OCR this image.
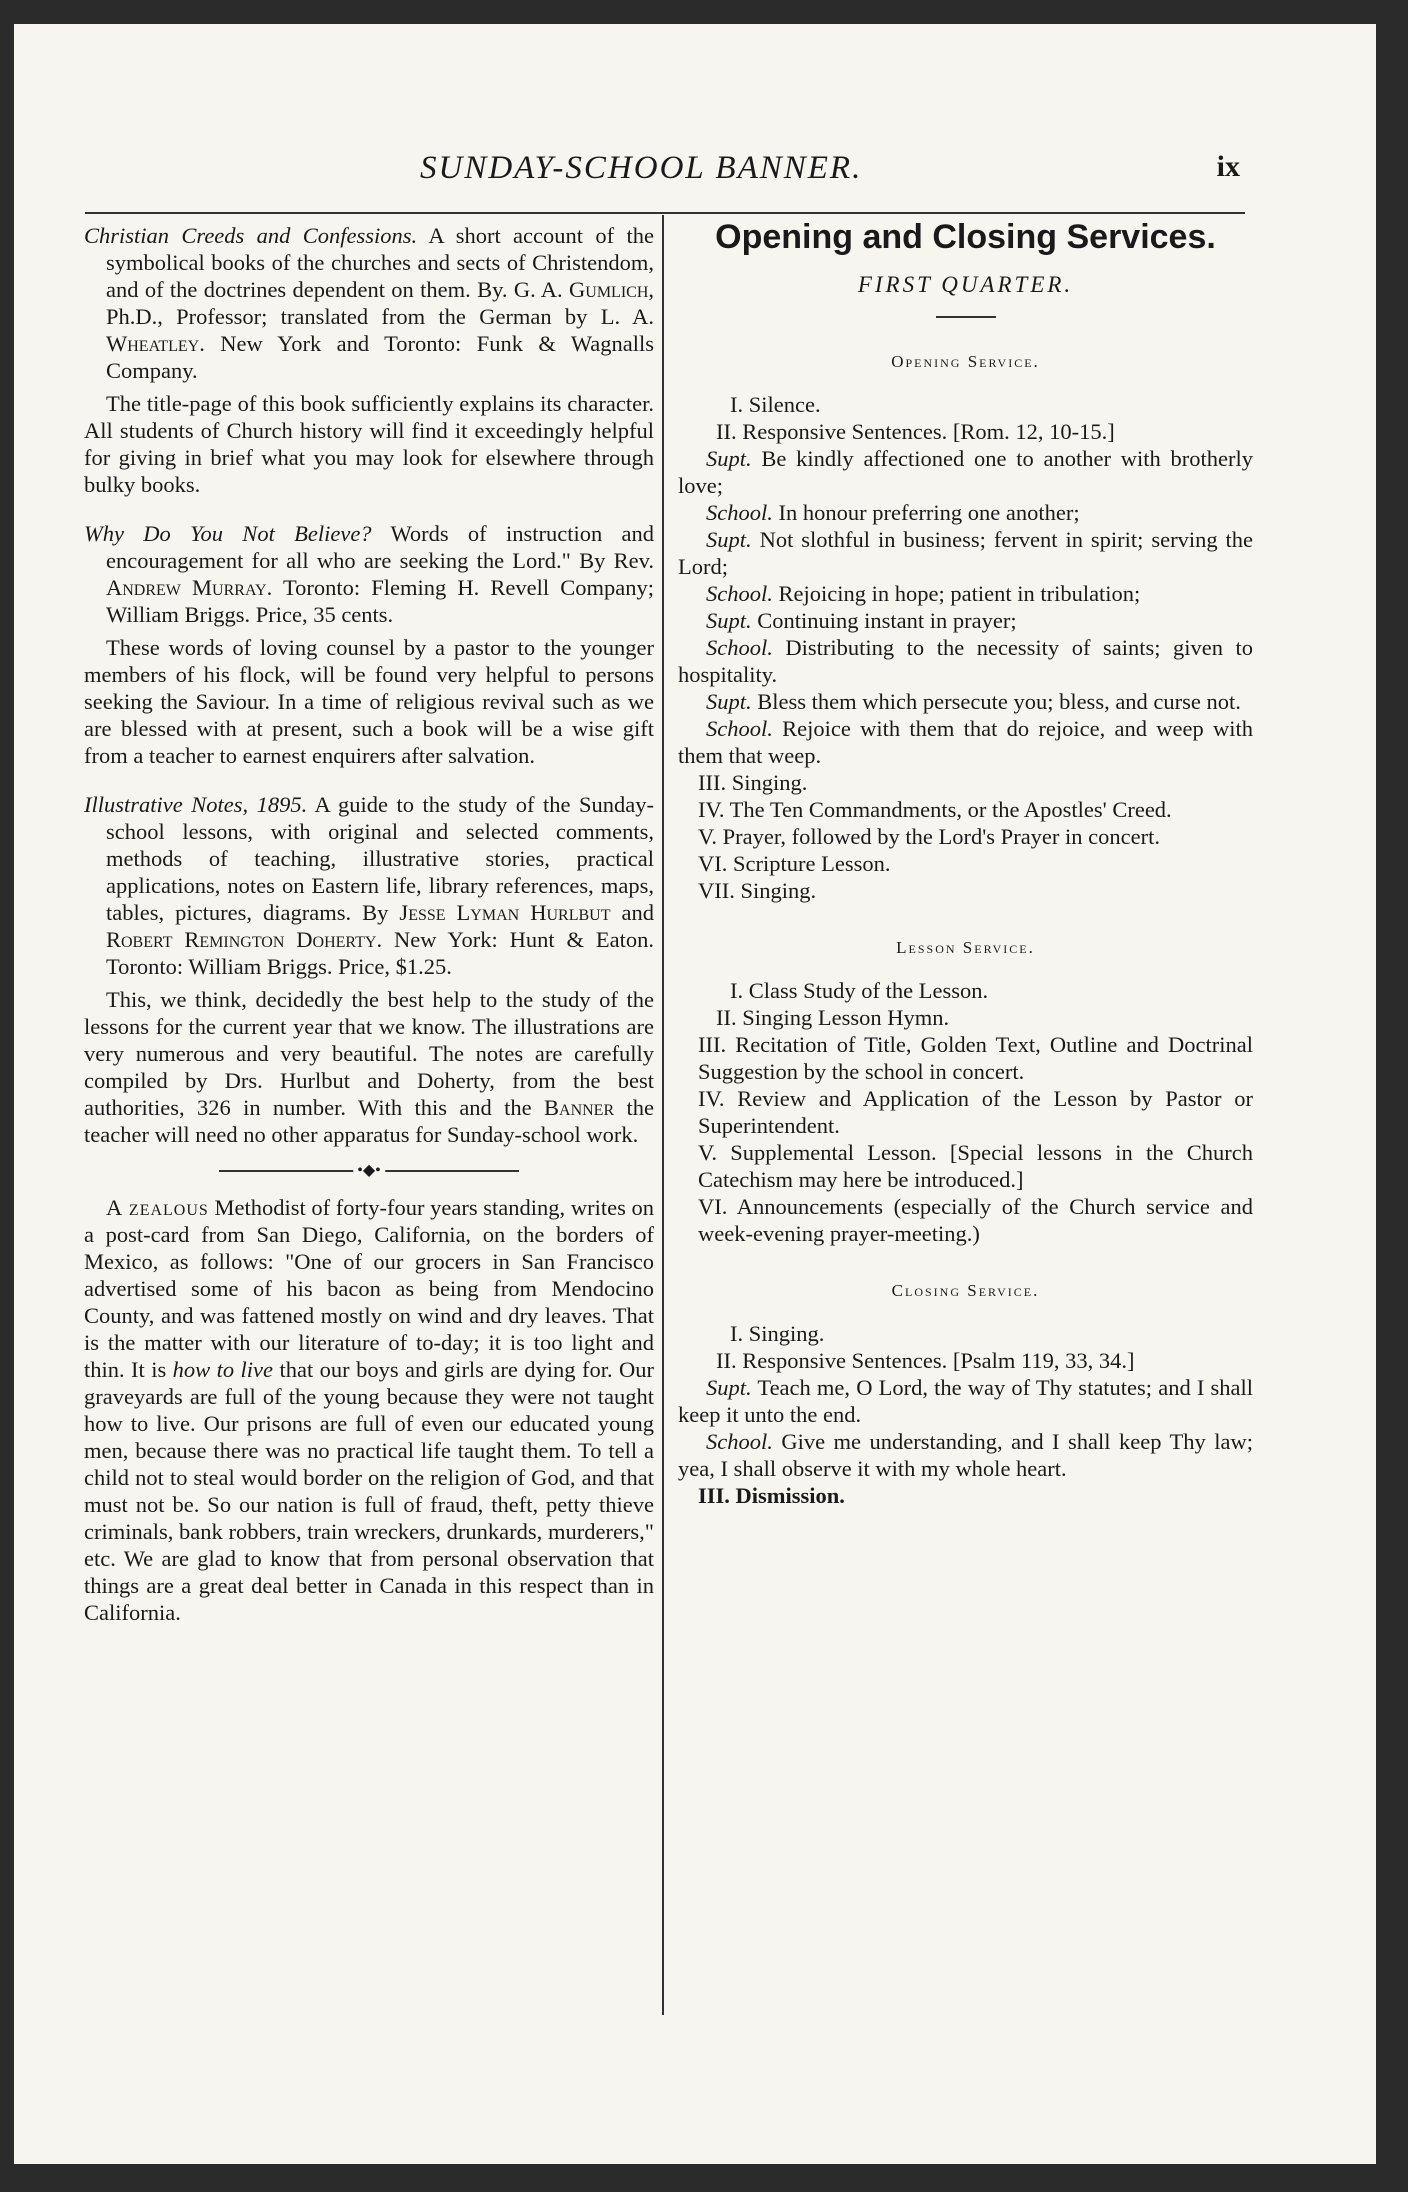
SUNDAY-SCHOOL BANNER.	ix

Christian Creeds and Confessions. A short account of the symbolical books of the churches and sects of Christendom, and of the doctrines dependent on them. By. G. A. Gumlich, Ph.D., Professor; translated from the German by L. A. Wheatley. New York and Toronto: Funk & Wagnalls Company.

The title-page of this book sufficiently explains its character. All students of Church history will find it exceedingly helpful for giving in brief what you may look for elsewhere through bulky books.

Why Do You Not Believe? Words of instruction and encouragement for all who are seeking the Lord." By Rev. Andrew Murray. Toronto: Fleming H. Revell Company; William Briggs. Price, 35 cents.

These words of loving counsel by a pastor to the younger members of his flock, will be found very helpful to persons seeking the Saviour. In a time of religious revival such as we are blessed with at present, such a book will be a wise gift from a teacher to earnest enquirers after salvation.

Illustrative Notes, 1895. A guide to the study of the Sunday-school lessons, with original and selected comments, methods of teaching, illustrative stories, practical applications, notes on Eastern life, library references, maps, tables, pictures, diagrams. By Jesse Lyman Hurlbut and Robert Remington Doherty. New York: Hunt & Eaton. Toronto: William Briggs. Price, $1.25.

This, we think, decidedly the best help to the study of the lessons for the current year that we know. The illustrations are very numerous and very beautiful. The notes are carefully compiled by Drs. Hurlbut and Doherty, from the best authorities, 326 in number. With this and the Banner the teacher will need no other apparatus for Sunday-school work.

•◆•

A zealous Methodist of forty-four years standing, writes on a post-card from San Diego, California, on the borders of Mexico, as follows: "One of our grocers in San Francisco advertised some of his bacon as being from Mendocino County, and was fattened mostly on wind and dry leaves. That is the matter with our literature of to-day; it is too light and thin. It is how to live that our boys and girls are dying for. Our graveyards are full of the young because they were not taught how to live. Our prisons are full of even our educated young men, because there was no practical life taught them. To tell a child not to steal would border on the religion of God, and that must not be. So our nation is full of fraud, theft, petty thieve criminals, bank robbers, train wreckers, drunkards, murderers," etc. We are glad to know that from personal observation that things are a great deal better in Canada in this respect than in California.

Opening and Closing Services.
FIRST QUARTER.
Opening Service.

I. Silence.

II. Responsive Sentences. [Rom. 12, 10-15.]

Supt. Be kindly affectioned one to another with brotherly love;

School. In honour preferring one another;

Supt. Not slothful in business; fervent in spirit; serving the Lord;

School. Rejoicing in hope; patient in tribulation;

Supt. Continuing instant in prayer;

School. Distributing to the necessity of saints; given to hospitality.

Supt. Bless them which persecute you; bless, and curse not.

School. Rejoice with them that do rejoice, and weep with them that weep.

III. Singing.

IV. The Ten Commandments, or the Apostles' Creed.

V. Prayer, followed by the Lord's Prayer in concert.

VI. Scripture Lesson.

VII. Singing.

Lesson Service.

I. Class Study of the Lesson.

II. Singing Lesson Hymn.

III. Recitation of Title, Golden Text, Outline and Doctrinal Suggestion by the school in concert.

IV. Review and Application of the Lesson by Pastor or Superintendent.

V. Supplemental Lesson. [Special lessons in the Church Catechism may here be introduced.]

VI. Announcements (especially of the Church service and week-evening prayer-meeting.)

Closing Service.

I. Singing.

II. Responsive Sentences. [Psalm 119, 33, 34.]

Supt. Teach me, O Lord, the way of Thy statutes; and I shall keep it unto the end.

School. Give me understanding, and I shall keep Thy law; yea, I shall observe it with my whole heart.

III. Dismission.
